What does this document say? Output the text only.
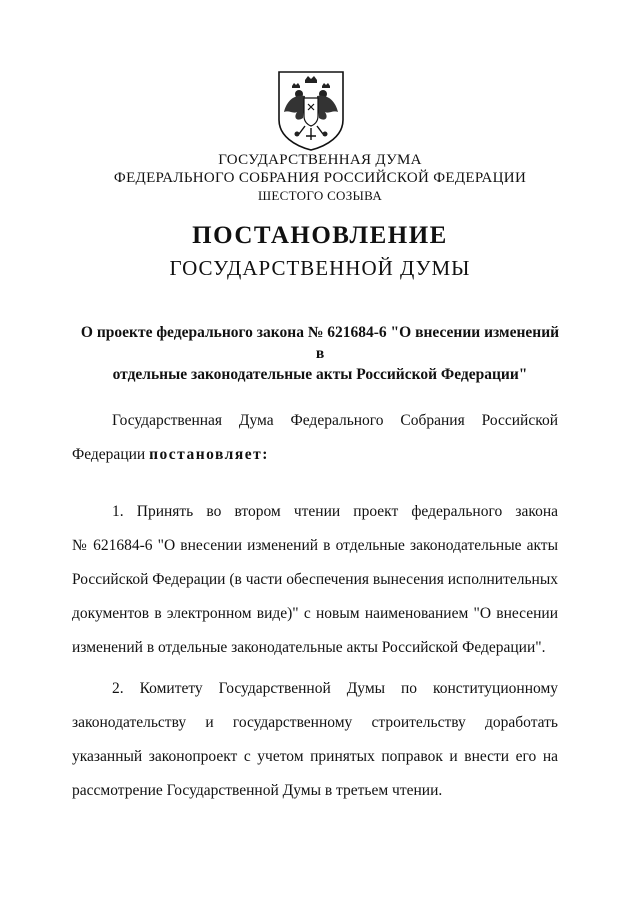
ГОСУДАРСТВЕННАЯ ДУМА
ФЕДЕРАЛЬНОГО СОБРАНИЯ РОССИЙСКОЙ ФЕДЕРАЦИИ
ШЕСТОГО СОЗЫВА
ПОСТАНОВЛЕНИЕ
ГОСУДАРСТВЕННОЙ ДУМЫ
О проекте федерального закона № 621684-6 "О внесении изменений в
отдельные законодательные акты Российской Федерации"
Государственная Дума Федерального Собрания Российской
Федерации постановляет:
1. Принять во втором чтении проект федерального закона
№ 621684-6 "О внесении изменений в отдельные законодательные акты
Российской Федерации (в части обеспечения вынесения исполнительных
документов в электронном виде)" с новым наименованием "О внесении
изменений в отдельные законодательные акты Российской Федерации".
2. Комитету Государственной Думы по конституционному
законодательству и государственному строительству доработать
указанный законопроект с учетом принятых поправок и внести его на
рассмотрение Государственной Думы в третьем чтении.
